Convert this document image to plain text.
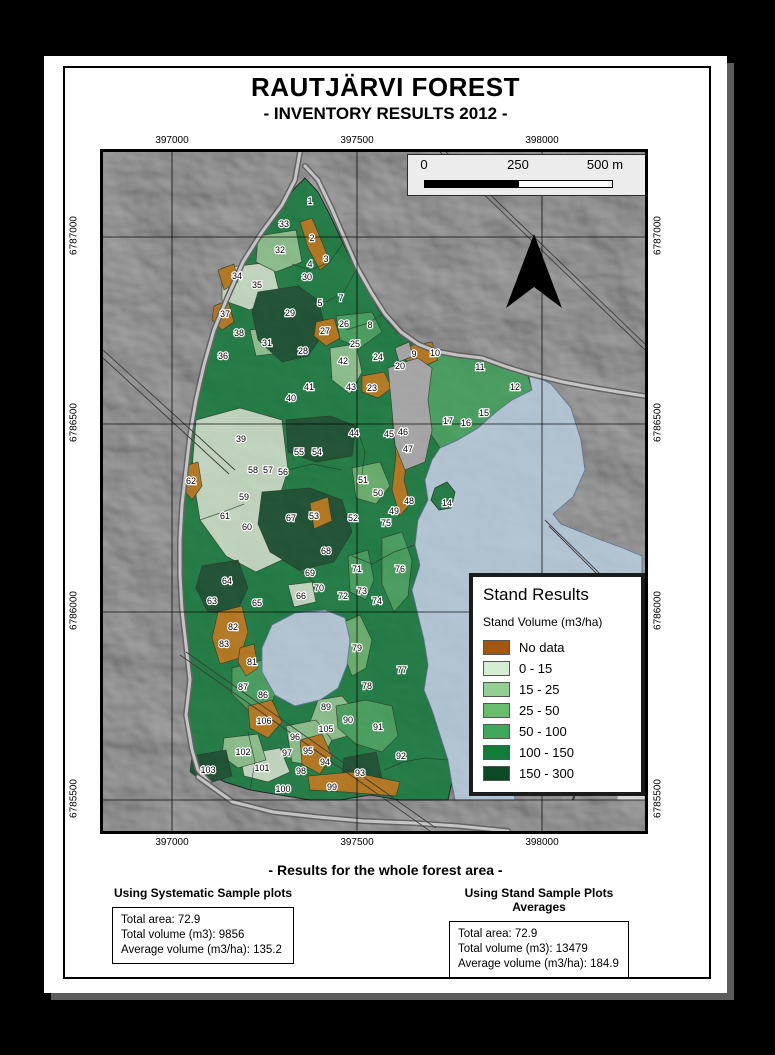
RAUTJÄRVI FOREST
- INVENTORY RESULTS 2012 -
1
2
3
4
5 7
8
9 10
11
12
14
15
16
17
20
23
24
25
26
27
28
29
30
31
32
33
34
35
36
37
38
39
40
41
42
43
44	45 46
47
48
49
50
51
52
53
54
55
56
57
58
59
60
61
62
63
64
65
66
67
68
69
70
71
72 73
74
75
76
77
78
79
81
82
83
86
87
89
90
91
92
93
94
95
96
97
98
99
100
101
102
103
105
106
0	250	500 m
Stand Results
Stand Volume (m3/ha)
No data
0 - 15
15 - 25
25 - 50
50 - 100
100 - 150
150 - 300
397000
397000
397500
397500
398000
398000
6787000	6787000
6786500	6786500
6786000	6786000
6785500	6785500
- Results for the whole forest area -
Using Systematic Sample plots
Total area: 72.9
Total volume (m3): 9856
Average volume (m3/ha): 135.2
Using Stand Sample Plots Averages
Total area: 72.9
Total volume (m3): 13479
Average volume (m3/ha): 184.9
